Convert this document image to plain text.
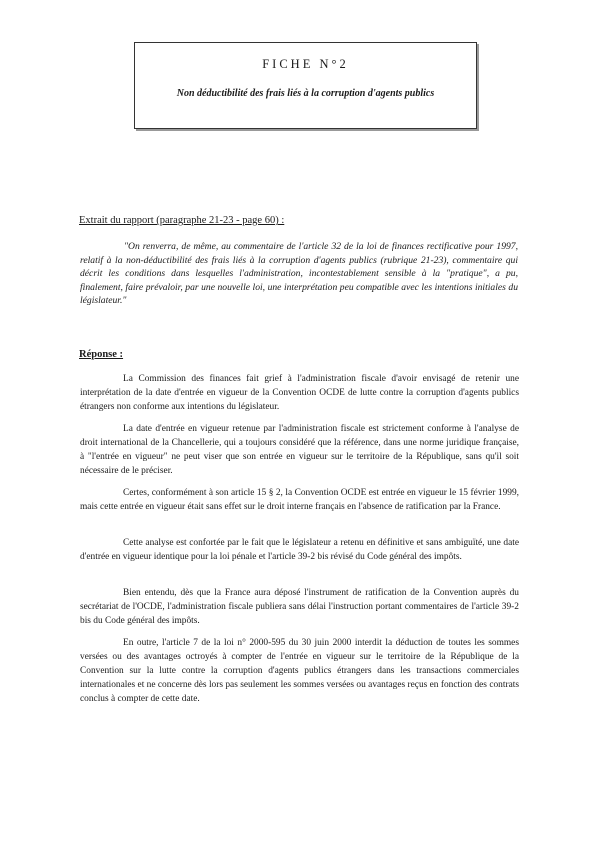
FICHE N°2
Non déductibilité des frais liés à la corruption d'agents publics
Extrait du rapport (paragraphe 21-23 - page 60) :
"On renverra, de même, au commentaire de l'article 32 de la loi de finances rectificative pour 1997, relatif à la non-déductibilité des frais liés à la corruption d'agents publics (rubrique 21-23), commentaire qui décrit les conditions dans lesquelles l'administration, incontestablement sensible à la "pratique", a pu, finalement, faire prévaloir, par une nouvelle loi, une interprétation peu compatible avec les intentions initiales du législateur."
Réponse :

La Commission des finances fait grief à l'administration fiscale d'avoir envisagé de retenir une interprétation de la date d'entrée en vigueur de la Convention OCDE de lutte contre la corruption d'agents publics étrangers non conforme aux intentions du législateur.

La date d'entrée en vigueur retenue par l'administration fiscale est strictement conforme à l'analyse de droit international de la Chancellerie, qui a toujours considéré que la référence, dans une norme juridique française, à "l'entrée en vigueur" ne peut viser que son entrée en vigueur sur le territoire de la République, sans qu'il soit nécessaire de le préciser.

Certes, conformément à son article 15 § 2, la Convention OCDE est entrée en vigueur le 15 février 1999, mais cette entrée en vigueur était sans effet sur le droit interne français en l'absence de ratification par la France.

Cette analyse est confortée par le fait que le législateur a retenu en définitive et sans ambiguïté, une date d'entrée en vigueur identique pour la loi pénale et l'article 39-2 bis révisé du Code général des impôts.

Bien entendu, dès que la France aura déposé l'instrument de ratification de la Convention auprès du secrétariat de l'OCDE, l'administration fiscale publiera sans délai l'instruction portant commentaires de l'article 39-2 bis du Code général des impôts.

En outre, l'article 7 de la loi n° 2000-595 du 30 juin 2000 interdit la déduction de toutes les sommes versées ou des avantages octroyés à compter de l'entrée en vigueur sur le territoire de la République de la Convention sur la lutte contre la corruption d'agents publics étrangers dans les transactions commerciales internationales et ne concerne dès lors pas seulement les sommes versées ou avantages reçus en fonction des contrats conclus à compter de cette date.
